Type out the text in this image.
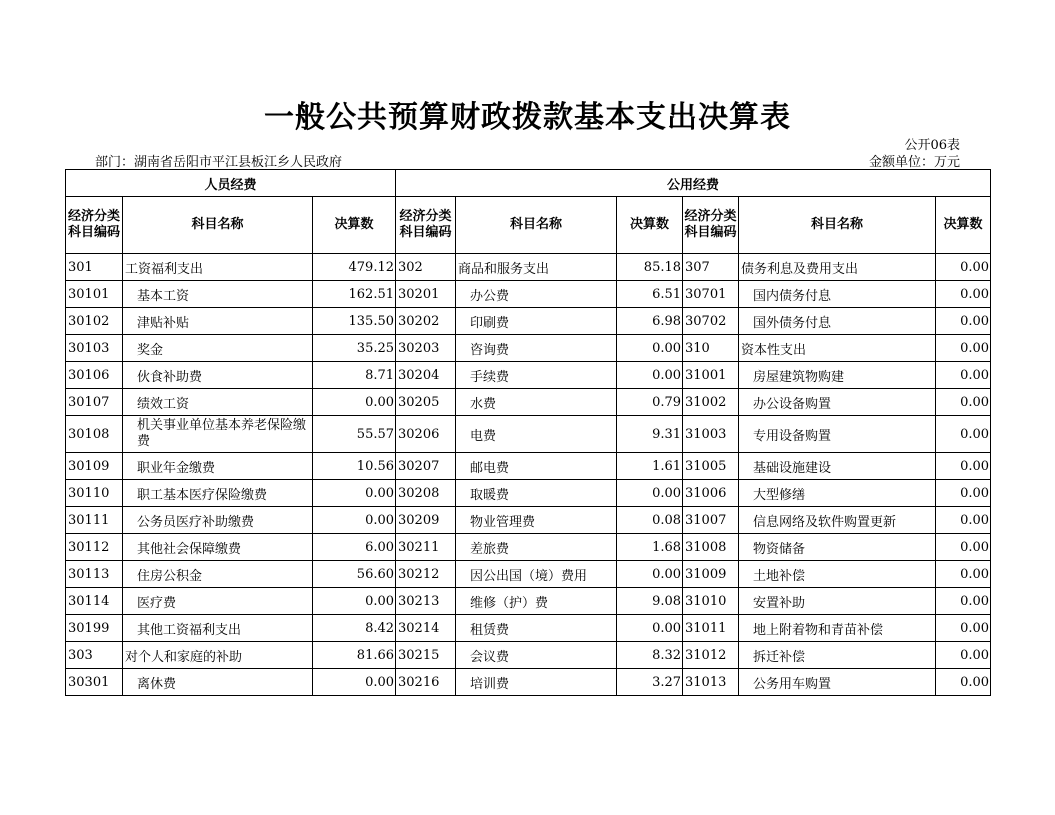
一般公共预算财政拨款基本支出决算表
公开06表
部门：湖南省岳阳市平江县板江乡人民政府	金额单位：万元
人员经费			公用经费					
经济分类科目编码	科目名称	决算数	经济分类科目编码	科目名称	决算数	经济分类科目编码	科目名称	决算数
301	工资福利支出	479.12	302	商品和服务支出	85.18	307	债务利息及费用支出	0.00
30101	基本工资	162.51	30201	办公费	6.51	30701	国内债务付息	0.00
30102	津贴补贴	135.50	30202	印刷费	6.98	30702	国外债务付息	0.00
30103	奖金	35.25	30203	咨询费	0.00	310	资本性支出	0.00
30106	伙食补助费	8.71	30204	手续费	0.00	31001	房屋建筑物购建	0.00
30107	绩效工资	0.00	30205	水费	0.79	31002	办公设备购置	0.00
30108	机关事业单位基本养老保险缴费	55.57	30206	电费	9.31	31003	专用设备购置	0.00
30109	职业年金缴费	10.56	30207	邮电费	1.61	31005	基础设施建设	0.00
30110	职工基本医疗保险缴费	0.00	30208	取暖费	0.00	31006	大型修缮	0.00
30111	公务员医疗补助缴费	0.00	30209	物业管理费	0.08	31007	信息网络及软件购置更新	0.00
30112	其他社会保障缴费	6.00	30211	差旅费	1.68	31008	物资储备	0.00
30113	住房公积金	56.60	30212	因公出国（境）费用	0.00	31009	土地补偿	0.00
30114	医疗费	0.00	30213	维修（护）费	9.08	31010	安置补助	0.00
30199	其他工资福利支出	8.42	30214	租赁费	0.00	31011	地上附着物和青苗补偿	0.00
303	对个人和家庭的补助	81.66	30215	会议费	8.32	31012	拆迁补偿	0.00
30301	离休费	0.00	30216	培训费	3.27	31013	公务用车购置	0.00
